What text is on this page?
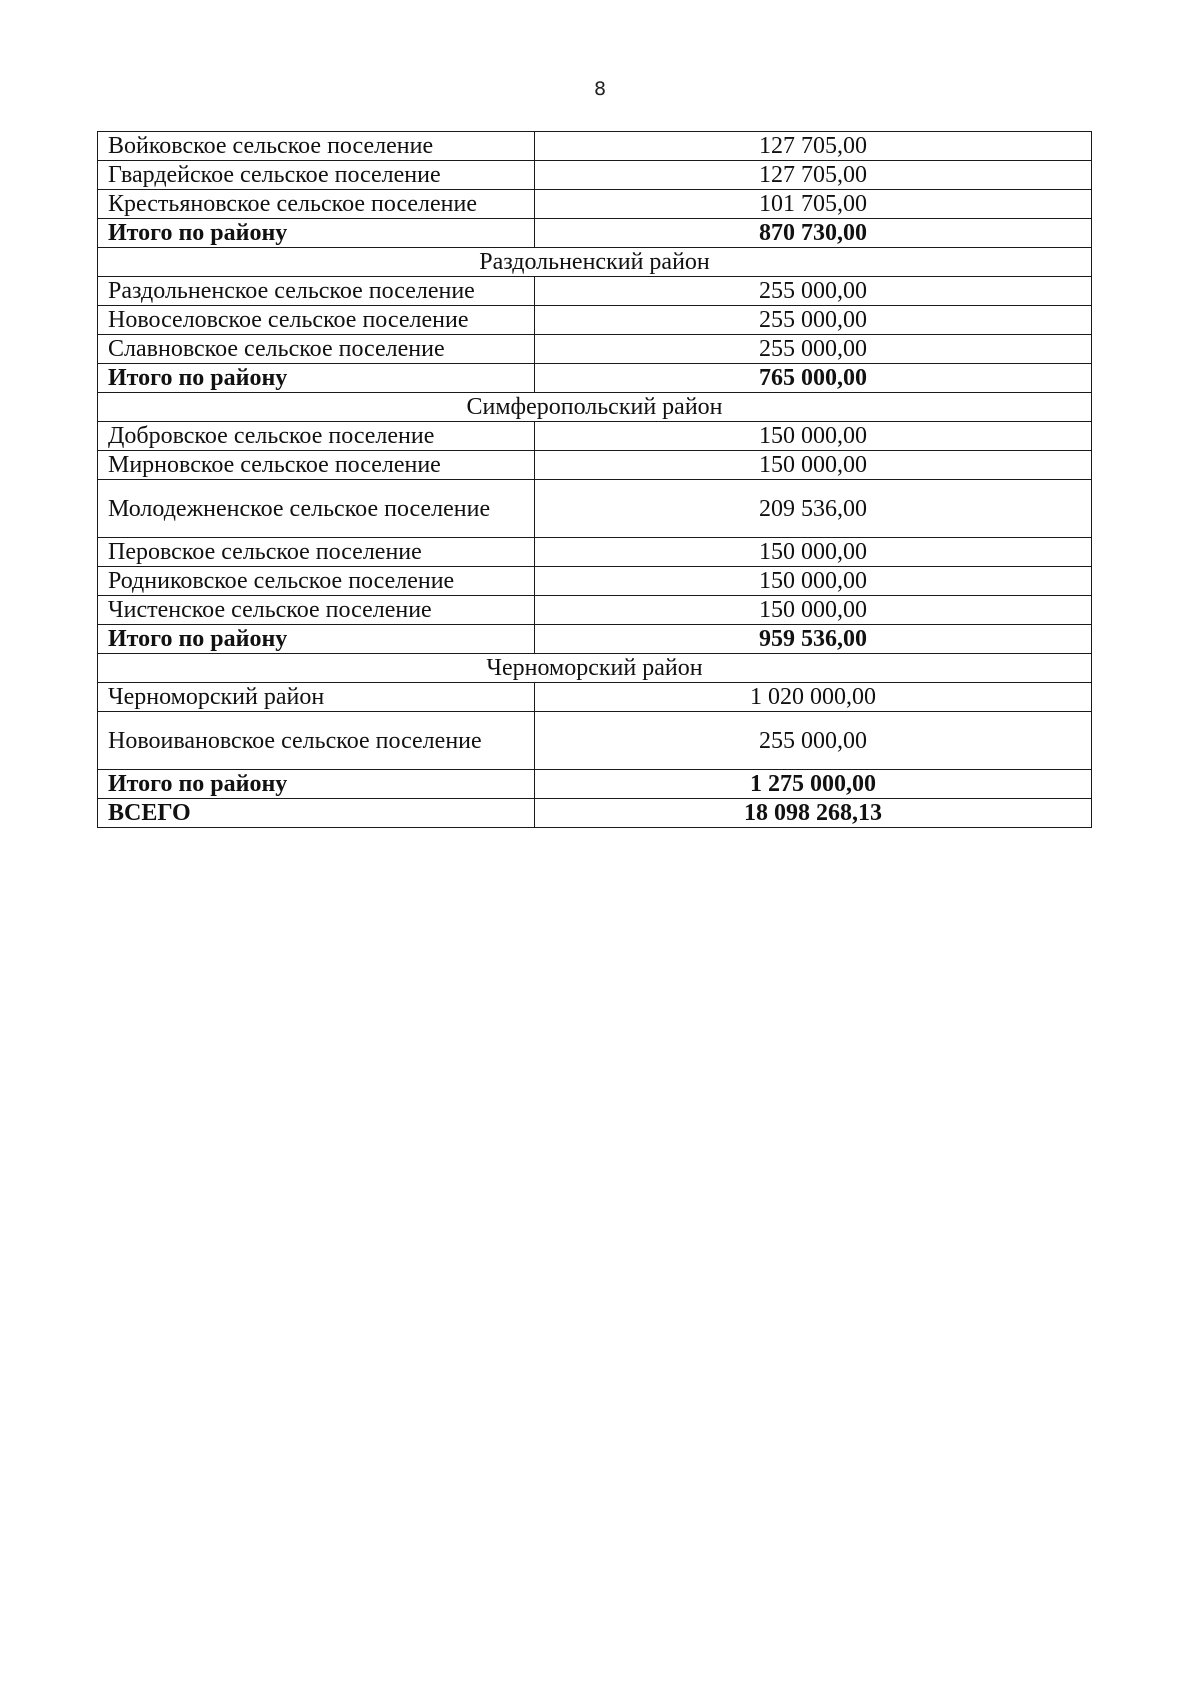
8
Войковское сельское поселение	127 705,00
Гвардейское сельское поселение	127 705,00
Крестьяновское сельское поселение	101 705,00
Итого по району	870 730,00
Раздольненский район	
Раздольненское сельское поселение	255 000,00
Новоселовское сельское поселение	255 000,00
Славновское сельское поселение	255 000,00
Итого по району	765 000,00
Симферопольский район	
Добровское сельское поселение	150 000,00
Мирновское сельское поселение	150 000,00
Молодежненское сельское поселение	209 536,00
Перовское сельское поселение	150 000,00
Родниковское сельское поселение	150 000,00
Чистенское сельское поселение	150 000,00
Итого по району	959 536,00
Черноморский район	
Черноморский район	1 020 000,00
Новоивановское сельское поселение	255 000,00
Итого по району	1 275 000,00
ВСЕГО	18 098 268,13
